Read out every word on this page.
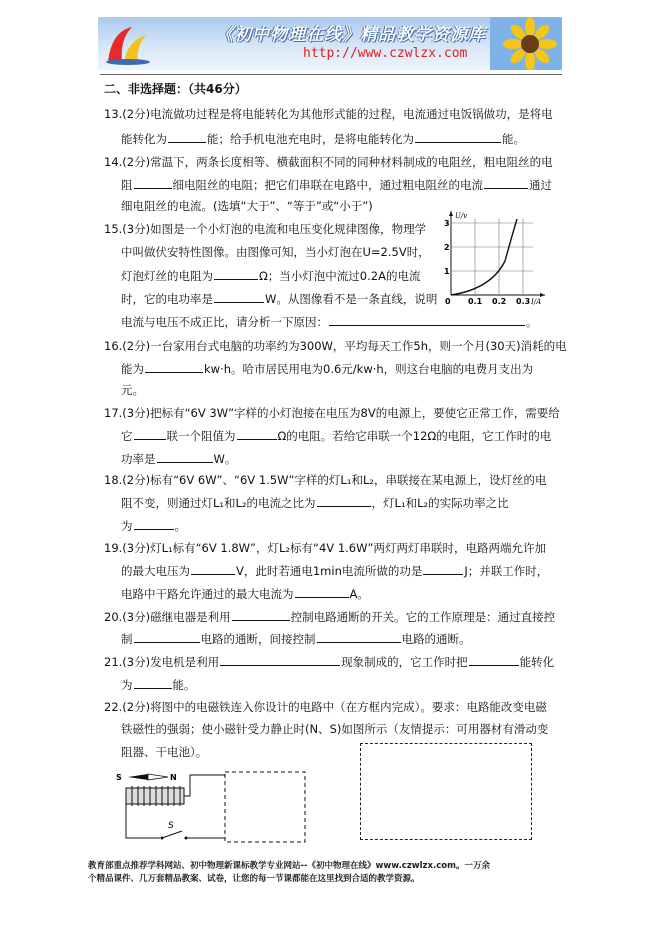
《初中物理在线》精品教学资源库
http://www.czwlzx.com
二、非选择题：（共46分）
13.(2分)电流做功过程是将电能转化为其他形式能的过程，电流通过电饭锅做功，是将电
能转化为	能；给手机电池充电时，是将电能转化为	能。
14.(2分)常温下，两条长度相等、横截面积不同的同种材料制成的电阻丝，粗电阻丝的电
阻	细电阻丝的电阻；把它们串联在电路中，通过粗电阻丝的电流	通过
细电阻丝的电流。(选填“大于”、“等于”或“小于”)
15.(3分)如图是一个小灯泡的电流和电压变化规律图像，物理学
中叫做伏安特性图像。由图像可知，当小灯泡在U=2.5V时，
灯泡灯丝的电阻为	Ω；当小灯泡中流过0.2A的电流
时，它的电功率是	W。从图像看不是一条直线，说明
电流与电压不成正比，请分析一下原因：	。
U/v
I/A
1
2
3
0 0.1 0.2 0.3
16.(2分)一台家用台式电脑的功率约为300W，平均每天工作5h，则一个月(30天)消耗的电
能为	kw·h。哈市居民用电为0.6元/kw·h，则这台电脑的电费月支出为
元。
17.(3分)把标有“6V 3W”字样的小灯泡接在电压为8V的电源上，要使它正常工作，需要给
它	联一个阻值为	Ω的电阻。若给它串联一个12Ω的电阻，它工作时的电
功率是	W。
18.(2分)标有“6V 6W”、“6V 1.5W”字样的灯L₁和L₂，串联接在某电源上，设灯丝的电
阻不变，则通过灯L₁和L₂的电流之比为	，灯L₁和L₂的实际功率之比
为	。
19.(3分)灯L₁标有“6V 1.8W”，灯L₂标有“4V 1.6W”两灯两灯串联时，电路两端允许加
的最大电压为	V，此时若通电1min电流所做的功是	J；并联工作时，
电路中干路允许通过的最大电流为	A。
20.(3分)磁继电器是利用	控制电路通断的开关。它的工作原理是：通过直接控
制	电路的通断，间接控制	电路的通断。
21.(3分)发电机是利用	现象制成的，它工作时把	能转化
为	能。
22.(2分)将图中的电磁铁连入你设计的电路中（在方框内完成）。要求：电路能改变电磁
铁磁性的强弱；使小磁针受力静止时(N、S)如图所示（友情提示：可用器材有滑动变
阻器、干电池）。
S	N
S
教育部重点推荐学科网站、初中物理新课标教学专业网站--《初中物理在线》www.czwlzx.com。一万余
个精品课件、几万套精品教案、试卷，让您的每一节课都能在这里找到合适的教学资源。
